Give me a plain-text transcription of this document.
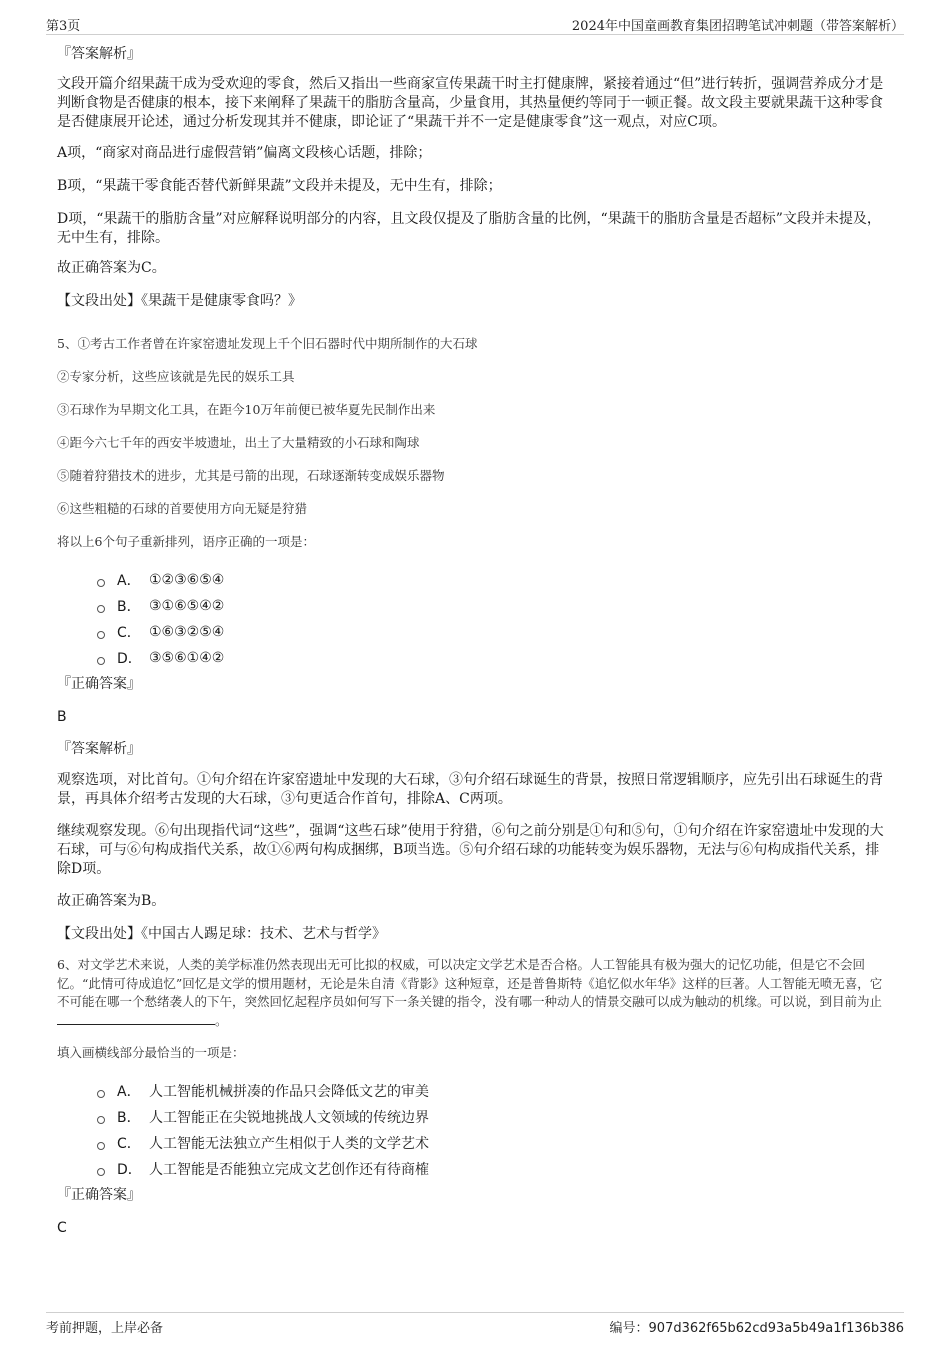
第3页	2024年中国童画教育集团招聘笔试冲刺题（带答案解析）

『答案解析』

文段开篇介绍果蔬干成为受欢迎的零食，然后又指出一些商家宣传果蔬干时主打健康牌，紧接着通过“但”进行转折，强调营养成分才是判断食物是否健康的根本，接下来阐释了果蔬干的脂肪含量高，少量食用，其热量便约等同于一顿正餐。故文段主要就果蔬干这种零食是否健康展开论述，通过分析发现其并不健康，即论证了“果蔬干并不一定是健康零食”这一观点，对应C项。

A项，“商家对商品进行虚假营销”偏离文段核心话题，排除；

B项，“果蔬干零食能否替代新鲜果蔬”文段并未提及，无中生有，排除；

D项，“果蔬干的脂肪含量”对应解释说明部分的内容，且文段仅提及了脂肪含量的比例，“果蔬干的脂肪含量是否超标”文段并未提及，无中生有，排除。

故正确答案为C。

【文段出处】《果蔬干是健康零食吗？》

5、①考古工作者曾在许家窑遗址发现上千个旧石器时代中期所制作的大石球

②专家分析，这些应该就是先民的娱乐工具

③石球作为早期文化工具，在距今10万年前便已被华夏先民制作出来

④距今六七千年的西安半坡遗址，出土了大量精致的小石球和陶球

⑤随着狩猎技术的进步，尤其是弓箭的出现，石球逐渐转变成娱乐器物

⑥这些粗糙的石球的首要使用方向无疑是狩猎

将以上6个句子重新排列，语序正确的一项是：

A． ①②③⑥⑤④
B． ③①⑥⑤④②
C． ①⑥③②⑤④
D． ③⑤⑥①④②

『正确答案』

B

『答案解析』

观察选项，对比首句。①句介绍在许家窑遗址中发现的大石球，③句介绍石球诞生的背景，按照日常逻辑顺序，应先引出石球诞生的背景，再具体介绍考古发现的大石球，③句更适合作首句，排除A、C两项。

继续观察发现。⑥句出现指代词“这些”，强调“这些石球”使用于狩猎，⑥句之前分别是①句和⑤句，①句介绍在许家窑遗址中发现的大石球，可与⑥句构成指代关系，故①⑥两句构成捆绑，B项当选。⑤句介绍石球的功能转变为娱乐器物，无法与⑥句构成指代关系，排除D项。

故正确答案为B。

【文段出处】《中国古人踢足球：技术、艺术与哲学》

6、对文学艺术来说，人类的美学标准仍然表现出无可比拟的权威，可以决定文学艺术是否合格。人工智能具有极为强大的记忆功能，但是它不会回忆。“此情可待成追忆”回忆是文学的惯用题材，无论是朱自清《背影》这种短章，还是普鲁斯特《追忆似水年华》这样的巨著。人工智能无喷无喜，它不可能在哪一个愁绪袭人的下午，突然回忆起程序员如何写下一条关键的指令，没有哪一种动人的情景交融可以成为触动的机缘。可以说，到目前为止 。

填入画横线部分最恰当的一项是：

A． 人工智能机械拼凑的作品只会降低文艺的审美
B． 人工智能正在尖锐地挑战人文领域的传统边界
C． 人工智能无法独立产生相似于人类的文学艺术
D． 人工智能是否能独立完成文艺创作还有待商榷

『正确答案』

C

考前押题，上岸必备	编号：907d362f65b62cd93a5b49a1f136b386
